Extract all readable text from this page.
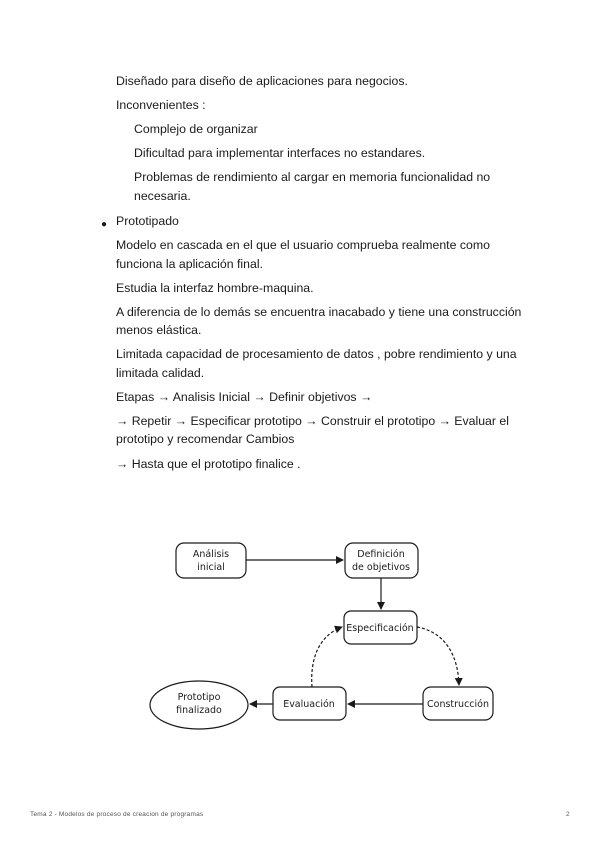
Diseñado para diseño de aplicaciones para negocios.
Inconvenientes :
Complejo de organizar
Dificultad para implementar interfaces no estandares.
Problemas de rendimiento al cargar en memoria funcionalidad no
necesaria.
● Prototipado
Modelo en cascada en el que el usuario comprueba realmente como
funciona la aplicación final.
Estudia la interfaz hombre-maquina.
A diferencia de lo demás se encuentra inacabado y tiene una construcción
menos elástica.
Limitada capacidad de procesamiento de datos , pobre rendimiento y una
limitada calidad.
Etapas → Analisis Inicial → Definir objetivos →
→ Repetir → Especificar prototipo → Construir el prototipo → Evaluar el
prototipo y recomendar Cambios
→ Hasta que el prototipo finalice .
Análisis
inicial
Definición
de objetivos
Especificación
Construcción
Evaluación
Prototipo
finalizado
Tema 2 - Modelos de proceso de creacion de programas	2
